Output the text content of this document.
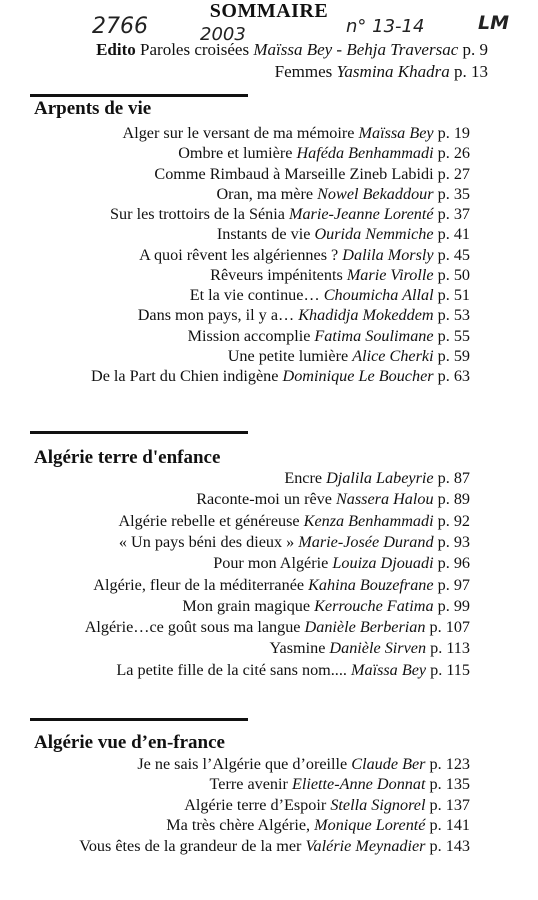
2766	2003	n° 13-14	LM
SOMMAIRE
Edito Paroles croisées Maïssa Bey - Behja Traversac p. 9
Femmes Yasmina Khadra p. 13
Arpents de vie
Alger sur le versant de ma mémoire Maïssa Bey p. 19
Ombre et lumière Haféda Benhammadi p. 26
Comme Rimbaud à Marseille Zineb Labidi p. 27
Oran, ma mère Nowel Bekaddour p. 35
Sur les trottoirs de la Sénia Marie-Jeanne Lorenté p. 37
Instants de vie Ourida Nemmiche p. 41
A quoi rêvent les algériennes ? Dalila Morsly p. 45
Rêveurs impénitents Marie Virolle p. 50
Et la vie continue… Choumicha Allal p. 51
Dans mon pays, il y a… Khadidja Mokeddem p. 53
Mission accomplie Fatima Soulimane p. 55
Une petite lumière Alice Cherki p. 59
De la Part du Chien indigène Dominique Le Boucher p. 63
Algérie terre d'enfance
Encre Djalila Labeyrie p. 87
Raconte-moi un rêve Nassera Halou p. 89
Algérie rebelle et généreuse Kenza Benhammadi p. 92
« Un pays béni des dieux » Marie-Josée Durand p. 93
Pour mon Algérie Louiza Djouadi p. 96
Algérie, fleur de la méditerranée Kahina Bouzefrane p. 97
Mon grain magique Kerrouche Fatima p. 99
Algérie…ce goût sous ma langue Danièle Berberian p. 107
Yasmine Danièle Sirven p. 113
La petite fille de la cité sans nom.... Maïssa Bey p. 115
Algérie vue d’en-france
Je ne sais l’Algérie que d’oreille Claude Ber p. 123
Terre avenir Eliette-Anne Donnat p. 135
Algérie terre d’Espoir Stella Signorel p. 137
Ma très chère Algérie, Monique Lorenté p. 141
Vous êtes de la grandeur de la mer Valérie Meynadier p. 143
